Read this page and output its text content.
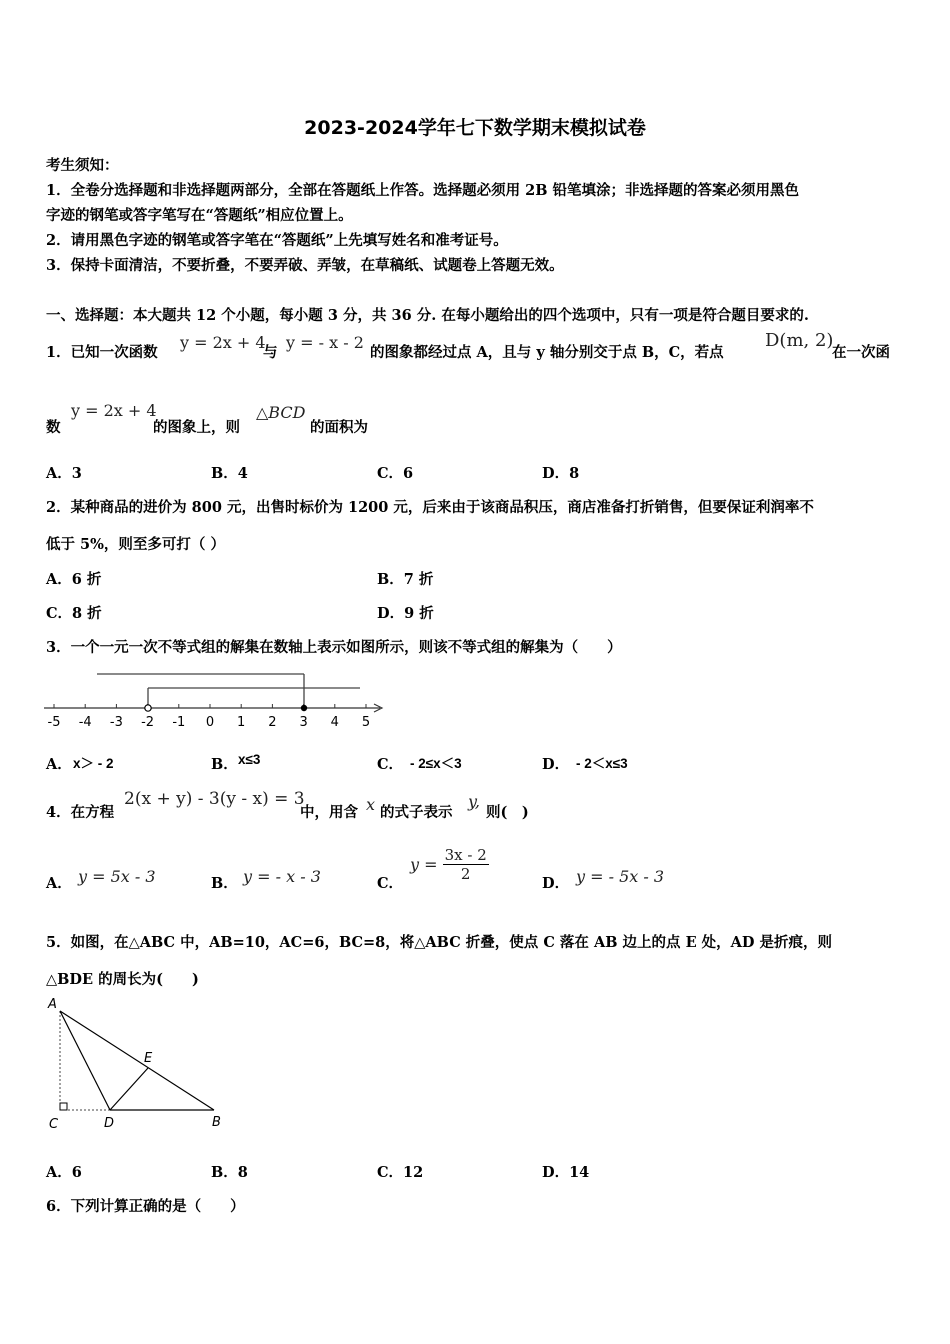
2023-2024学年七下数学期末模拟试卷
考生须知：
1．全卷分选择题和非选择题两部分，全部在答题纸上作答。选择题必须用 2B 铅笔填涂；非选择题的答案必须用黑色
字迹的钢笔或答字笔写在“答题纸”相应位置上。
2．请用黑色字迹的钢笔或答字笔在“答题纸”上先填写姓名和准考证号。
3．保持卡面清洁，不要折叠，不要弄破、弄皱，在草稿纸、试题卷上答题无效。
一、选择题：本大题共 12 个小题，每小题 3 分，共 36 分. 在每小题给出的四个选项中，只有一项是符合题目要求的.
1．已知一次函数
y = 2x + 4
与
y = - x - 2
的图象都经过点 A，且与 y 轴分别交于点 B，C，若点
D(m, 2)
在一次函
数
y = 2x + 4
的图象上，则
△BCD
的面积为
A．3	B．4	C．6	D．8
2．某种商品的进价为 800 元，出售时标价为 1200 元，后来由于该商品积压，商店准备打折销售，但要保证利润率不
低于 5%，则至多可打（ ）
A．6 折	B．7 折
C．8 折	D．9 折
3．一个一元一次不等式组的解集在数轴上表示如图所示，则该不等式组的解集为（　　）
-5 -4 -3 -2 -1 0 1 2 3 4 5
A． x＞ - 2	B． x≤3	C． - 2≤x＜3	D． - 2＜x≤3
4．在方程
2(x + y) - 3(y - x) = 3
中，用含 x 的式子表示
y,
则(　)
A． y = 5x - 3	B． y = - x - 3	C．
$y = \frac{3x - 2}{2}$
D． y = - 5x - 3
5．如图，在△ABC 中，AB=10，AC=6，BC=8，将△ABC 折叠，使点 C 落在 AB 边上的点 E 处，AD 是折痕，则
△BDE 的周长为(　　)
A
E
C	D	B
A．6	B．8	C．12	D．14
6．下列计算正确的是（　　）
